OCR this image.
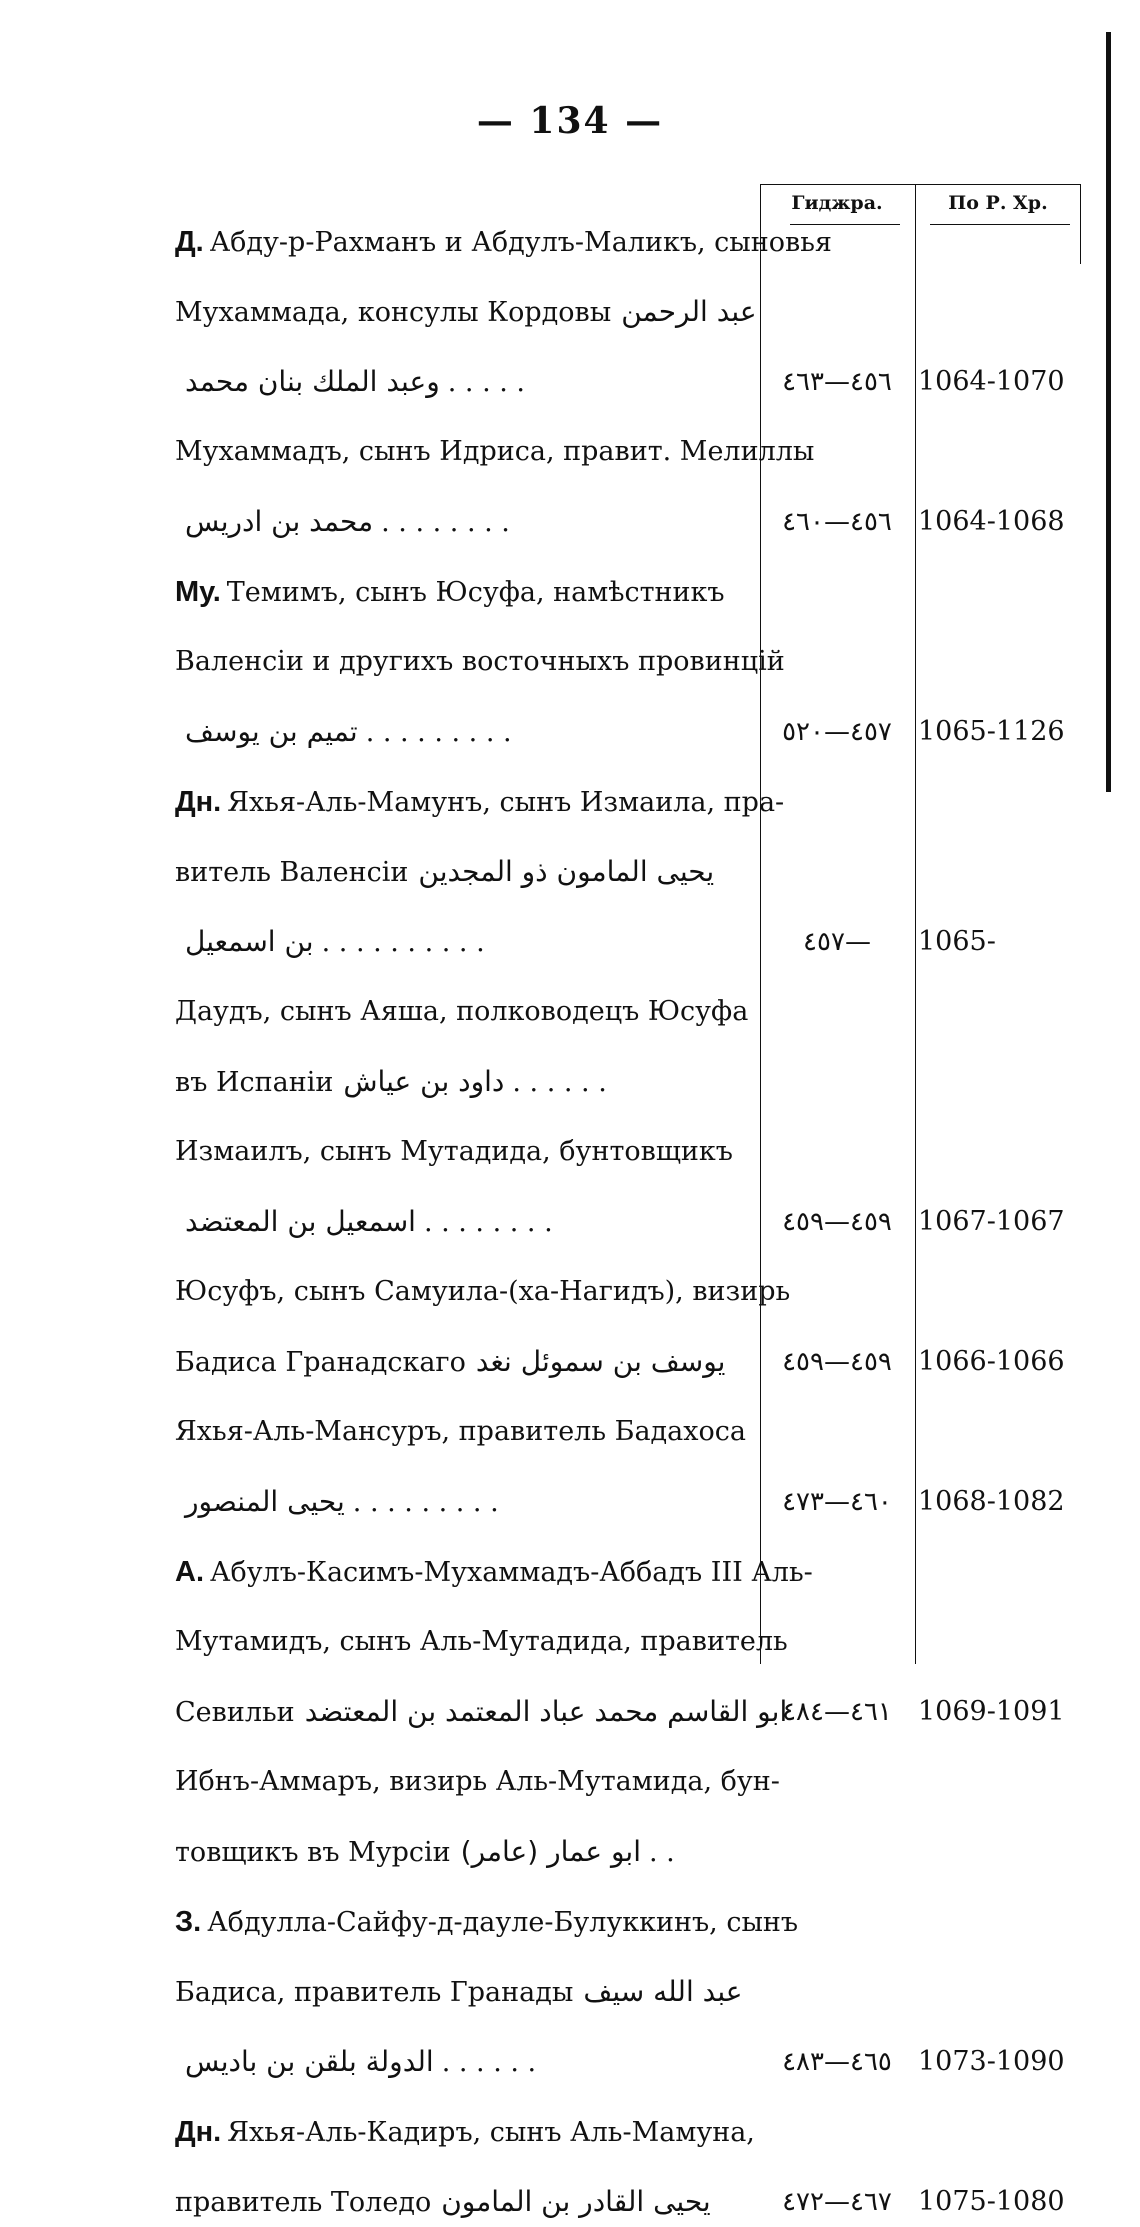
— 134 —
Гиджра.	По Р. Хр.
Д. Абду-р-Рахманъ и Абдулъ-Маликъ, сыновья
Мухаммада, консулы Кордовы عبد الرحمن
وعبد الملك بنان محمد . . . . .	٤٥٦—٤٦٣ 1064-1070
Мухаммадъ, сынъ Идриса, правит. Мелиллы
محمد بن ادريس . . . . . . . .	٤٥٦—٤٦٠ 1064-1068
Му. Темимъ, сынъ Юсуфа, намѣстникъ
Валенсіи и другихъ восточныхъ провинцій
تميم بن يوسف . . . . . . . . .	٤٥٧—٥٢٠ 1065-1126
Дн. Яхья-Аль-Мамунъ, сынъ Измаила, пра-
витель Валенсіи يحيى المامون ذو المجدين
بن اسمعيل . . . . . . . . . .	٤٥٧—	1065-
Даудъ, сынъ Аяша, полководецъ Юсуфа
въ Испаніи داود بن عياش . . . . . .
Измаилъ, сынъ Мутадида, бунтовщикъ
اسمعيل بن المعتضد . . . . . . . .	٤٥٩—٤٥٩ 1067-1067
Юсуфъ, сынъ Самуила-(ха-Нагидъ), визирь
Бадиса Гранадскаго يوسف بن سموئل نغد	٤٥٩—٤٥٩ 1066-1066
Яхья-Аль-Мансуръ, правитель Бадахоса
يحيى المنصور . . . . . . . . .	٤٦٠—٤٧٣ 1068-1082
А. Абулъ-Касимъ-Мухаммадъ-Аббадъ III Аль-
Мутамидъ, сынъ Аль-Мутадида, правитель
Севильи ابو القاسم محمد عباد المعتمد بن المعتضد
٤٦١—٤٨٤ 1069-1091
Ибнъ-Аммаръ, визирь Аль-Мутамида, бун-
товщикъ въ Мурсіи ابو عمار (عامر) . .
З. Абдулла-Сайфу-д-дауле-Булуккинъ, сынъ
Бадиса, правитель Гранады عبد الله سيف
الدولة بلقن بن باديس . . . . . .	٤٦٥—٤٨٣ 1073-1090
Дн. Яхья-Аль-Кадиръ, сынъ Аль-Мамуна,
правитель Толедо يحيى القادر بن المامون	٤٦٧—٤٧٢ 1075-1080
